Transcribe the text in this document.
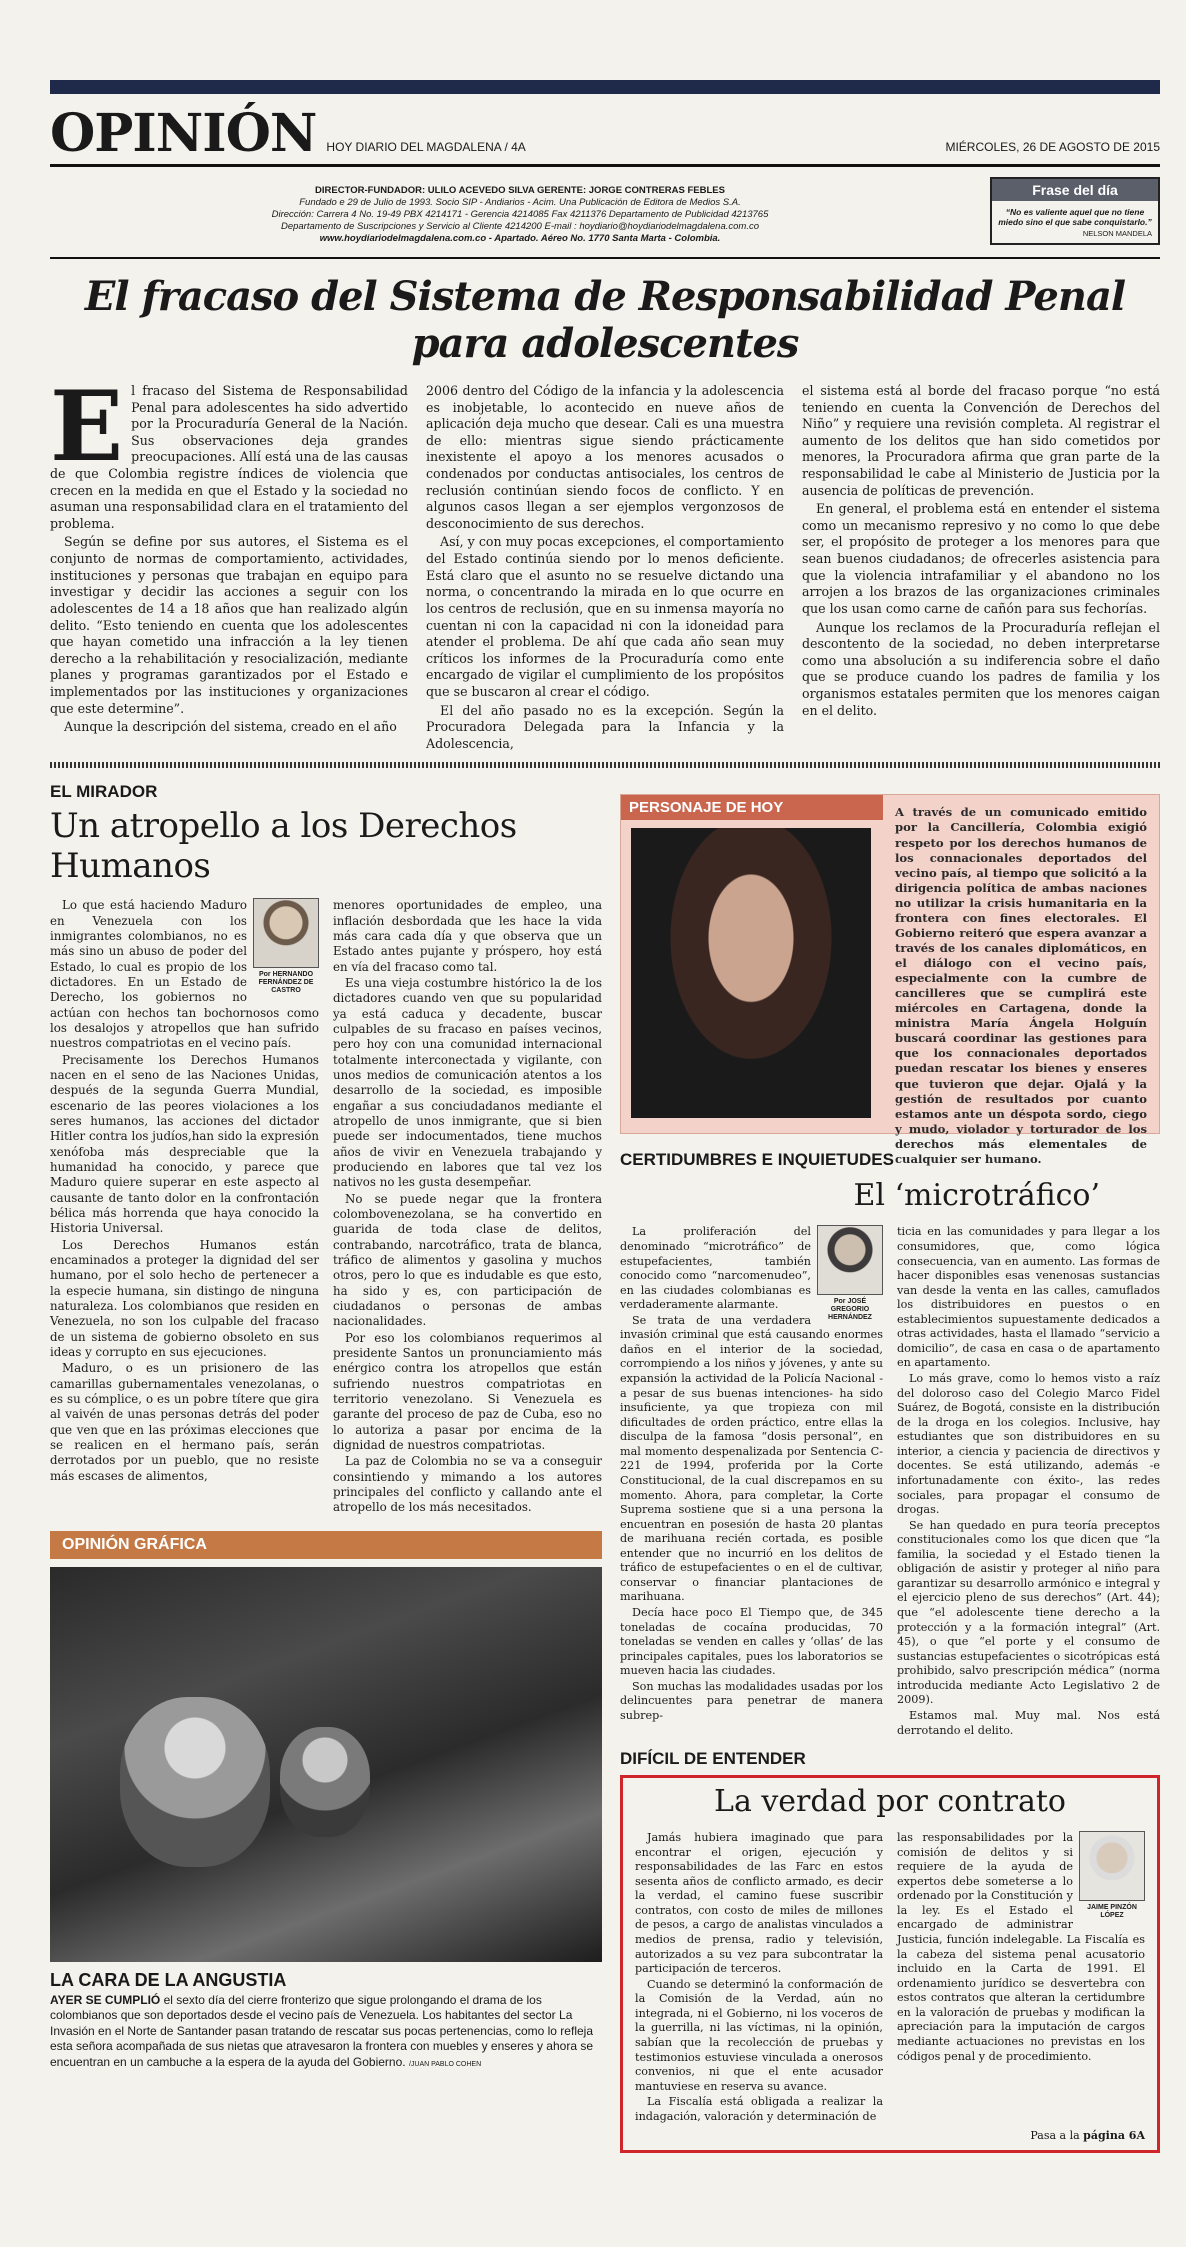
OPINIÓN HOY DIARIO DEL MAGDALENA / 4A	MIÉRCOLES, 26 DE AGOSTO DE 2015
DIRECTOR-FUNDADOR: ULILO ACEVEDO SILVA GERENTE: JORGE CONTRERAS FEBLES
Fundado e 29 de Julio de 1993. Socio SIP - Andiarios - Acim. Una Publicación de Editora de Medios S.A.
Dirección: Carrera 4 No. 19-49 PBX 4214171 - Gerencia 4214085 Fax 4211376 Departamento de Publicidad 4213765
Departamento de Suscripciones y Servicio al Cliente 4214200 E-mail : hoydiario@hoydiariodelmagdalena.com.co
www.hoydiariodelmagdalena.com.co - Apartado. Aéreo No. 1770 Santa Marta - Colombia.
Frase del día
“No es valiente aquel que no tiene miedo sino el que sabe conquistarlo.”
NELSON MANDELA
El fracaso del Sistema de Responsabilidad Penal para adolescentes

El fracaso del Sistema de Responsabilidad Penal para adolescentes ha sido advertido por la Procuraduría General de la Nación. Sus observaciones deja grandes preocupaciones. Allí está una de las causas de que Colombia registre índices de violencia que crecen en la medida en que el Estado y la sociedad no asuman una responsabilidad clara en el tratamiento del problema.

Según se define por sus autores, el Sistema es el conjunto de normas de comportamiento, actividades, instituciones y personas que trabajan en equipo para investigar y decidir las acciones a seguir con los adolescentes de 14 a 18 años que han realizado algún delito. “Esto teniendo en cuenta que los adolescentes que hayan cometido una infracción a la ley tienen derecho a la rehabilitación y resocialización, mediante planes y programas garantizados por el Estado e implementados por las instituciones y organizaciones que este determine”.

Aunque la descripción del sistema, creado en el año

2006 dentro del Código de la infancia y la adolescencia es inobjetable, lo acontecido en nueve años de aplicación deja mucho que desear. Cali es una muestra de ello: mientras sigue siendo prácticamente inexistente el apoyo a los menores acusados o condenados por conductas antisociales, los centros de reclusión continúan siendo focos de conflicto. Y en algunos casos llegan a ser ejemplos vergonzosos de desconocimiento de sus derechos.

Así, y con muy pocas excepciones, el comportamiento del Estado continúa siendo por lo menos deficiente. Está claro que el asunto no se resuelve dictando una norma, o concentrando la mirada en lo que ocurre en los centros de reclusión, que en su inmensa mayoría no cuentan ni con la capacidad ni con la idoneidad para atender el problema. De ahí que cada año sean muy críticos los informes de la Procuraduría como ente encargado de vigilar el cumplimiento de los propósitos que se buscaron al crear el código.

El del año pasado no es la excepción. Según la Procuradora Delegada para la Infancia y la Adolescencia,

el sistema está al borde del fracaso porque “no está teniendo en cuenta la Convención de Derechos del Niño” y requiere una revisión completa. Al registrar el aumento de los delitos que han sido cometidos por menores, la Procuradora afirma que gran parte de la responsabilidad le cabe al Ministerio de Justicia por la ausencia de políticas de prevención.

En general, el problema está en entender el sistema como un mecanismo represivo y no como lo que debe ser, el propósito de proteger a los menores para que sean buenos ciudadanos; de ofrecerles asistencia para que la violencia intrafamiliar y el abandono no los arrojen a los brazos de las organizaciones criminales que los usan como carne de cañón para sus fechorías.

Aunque los reclamos de la Procuraduría reflejan el descontento de la sociedad, no deben interpretarse como una absolución a su indiferencia sobre el daño que se produce cuando los padres de familia y los organismos estatales permiten que los menores caigan en el delito.

EL MIRADOR
Un atropello a los Derechos Humanos
Por HERNANDO FERNÁNDEZ DE CASTRO

Lo que está haciendo Maduro en Venezuela con los inmigrantes colombianos, no es más sino un abuso de poder del Estado, lo cual es propio de los dictadores. En un Estado de Derecho, los gobiernos no actúan con hechos tan bochornosos como los desalojos y atropellos que han sufrido nuestros compatriotas en el vecino país.

Precisamente los Derechos Humanos nacen en el seno de las Naciones Unidas, después de la segunda Guerra Mundial, escenario de las peores violaciones a los seres humanos, las acciones del dictador Hitler contra los judíos,han sido la expresión xenófoba más despreciable que la humanidad ha conocido, y parece que Maduro quiere superar en este aspecto al causante de tanto dolor en la confrontación bélica más horrenda que haya conocido la Historia Universal.

Los Derechos Humanos están encaminados a proteger la dignidad del ser humano, por el solo hecho de pertenecer a la especie humana, sin distingo de ninguna naturaleza. Los colombianos que residen en Venezuela, no son los culpable del fracaso de un sistema de gobierno obsoleto en sus ideas y corrupto en sus ejecuciones.

Maduro, o es un prisionero de las camarillas gubernamentales venezolanas, o es su cómplice, o es un pobre títere que gira al vaivén de unas personas detrás del poder que ven que en las próximas elecciones que se realicen en el hermano país, serán derrotados por un pueblo, que no resiste más escases de alimentos,

menores oportunidades de empleo, una inflación desbordada que les hace la vida más cara cada día y que observa que un Estado antes pujante y próspero, hoy está en vía del fracaso como tal.

Es una vieja costumbre histórico la de los dictadores cuando ven que su popularidad ya está caduca y decadente, buscar culpables de su fracaso en países vecinos, pero hoy con una comunidad internacional totalmente interconectada y vigilante, con unos medios de comunicación atentos a los desarrollo de la sociedad, es imposible engañar a sus conciudadanos mediante el atropello de unos inmigrante, que si bien puede ser indocumentados, tiene muchos años de vivir en Venezuela trabajando y produciendo en labores que tal vez los nativos no les gusta desempeñar.

No se puede negar que la frontera colombovenezolana, se ha convertido en guarida de toda clase de delitos, contrabando, narcotráfico, trata de blanca, tráfico de alimentos y gasolina y muchos otros, pero lo que es indudable es que esto, ha sido y es, con participación de ciudadanos o personas de ambas nacionalidades.

Por eso los colombianos requerimos al presidente Santos un pronunciamiento más enérgico contra los atropellos que están sufriendo nuestros compatriotas en territorio venezolano. Si Venezuela es garante del proceso de paz de Cuba, eso no lo autoriza a pasar por encima de la dignidad de nuestros compatriotas.

La paz de Colombia no se va a conseguir consintiendo y mimando a los autores principales del conflicto y callando ante el atropello de los más necesitados.

OPINIÓN GRÁFICA
LA CARA DE LA ANGUSTIA
AYER SE CUMPLIÓ el sexto día del cierre fronterizo que sigue prolongando el drama de los colombianos que son deportados desde el vecino país de Venezuela. Los habitantes del sector La Invasión en el Norte de Santander pasan tratando de rescatar sus pocas pertenencias, como lo refleja esta señora acompañada de sus nietas que atravesaron la frontera con muebles y enseres y ahora se encuentran en un cambuche a la espera de la ayuda del Gobierno. /JUAN PABLO COHEN
PERSONAJE DE HOY	A través de un comunicado emitido por la Cancillería, Colombia exigió respeto por los derechos humanos de los connacionales deportados del vecino país, al tiempo que solicitó a la dirigencia política de ambas naciones no utilizar la crisis humanitaria en la frontera con fines electorales. El Gobierno reiteró que espera avanzar a través de los canales diplomáticos, en el diálogo con el vecino país, especialmente con la cumbre de cancilleres que se cumplirá este miércoles en Cartagena, donde la ministra María Ángela Holguín buscará coordinar las gestiones para que los connacionales deportados puedan rescatar los bienes y enseres que tuvieron que dejar. Ojalá y la gestión de resultados por cuanto estamos ante un déspota sordo, ciego y mudo, violador y torturador de los derechos más elementales de cualquier ser humano.
CERTIDUMBRES E INQUIETUDES
El ‘microtráfico’
Por JOSÉ GREGORIO HERNÁNDEZ

La proliferación del denominado “microtráfico” de estupefacientes, también conocido como “narcomenudeo”, en las ciudades colombianas es verdaderamente alarmante.

Se trata de una verdadera invasión criminal que está causando enormes daños en el interior de la sociedad, corrompiendo a los niños y jóvenes, y ante su expansión la actividad de la Policía Nacional -a pesar de sus buenas intenciones- ha sido insuficiente, ya que tropieza con mil dificultades de orden práctico, entre ellas la disculpa de la famosa “dosis personal”, en mal momento despenalizada por Sentencia C-221 de 1994, proferida por la Corte Constitucional, de la cual discrepamos en su momento. Ahora, para completar, la Corte Suprema sostiene que si a una persona la encuentran en posesión de hasta 20 plantas de marihuana recién cortada, es posible entender que no incurrió en los delitos de tráfico de estupefacientes o en el de cultivar, conservar o financiar plantaciones de marihuana.

Decía hace poco El Tiempo que, de 345 toneladas de cocaína producidas, 70 toneladas se venden en calles y ‘ollas’ de las principales capitales, pues los laboratorios se mueven hacia las ciudades.

Son muchas las modalidades usadas por los delincuentes para penetrar de manera subrep-

ticia en las comunidades y para llegar a los consumidores, que, como lógica consecuencia, van en aumento. Las formas de hacer disponibles esas venenosas sustancias van desde la venta en las calles, camuflados los distribuidores en puestos o en establecimientos supuestamente dedicados a otras actividades, hasta el llamado “servicio a domicilio”, de casa en casa o de apartamento en apartamento.

Lo más grave, como lo hemos visto a raíz del doloroso caso del Colegio Marco Fidel Suárez, de Bogotá, consiste en la distribución de la droga en los colegios. Inclusive, hay estudiantes que son distribuidores en su interior, a ciencia y paciencia de directivos y docentes. Se está utilizando, además -e infortunadamente con éxito-, las redes sociales, para propagar el consumo de drogas.

Se han quedado en pura teoría preceptos constitucionales como los que dicen que “la familia, la sociedad y el Estado tienen la obligación de asistir y proteger al niño para garantizar su desarrollo armónico e integral y el ejercicio pleno de sus derechos” (Art. 44); que “el adolescente tiene derecho a la protección y a la formación integral” (Art. 45), o que “el porte y el consumo de sustancias estupefacientes o sicotrópicas está prohibido, salvo prescripción médica” (norma introducida mediante Acto Legislativo 2 de 2009).

Estamos mal. Muy mal. Nos está derrotando el delito.

DIFÍCIL DE ENTENDER
La verdad por contrato

Jamás hubiera imaginado que para encontrar el origen, ejecución y responsabilidades de las Farc en estos sesenta años de conflicto armado, es decir la verdad, el camino fuese suscribir contratos, con costo de miles de millones de pesos, a cargo de analistas vinculados a medios de prensa, radio y televisión, autorizados a su vez para subcontratar la participación de terceros.

Cuando se determinó la conformación de la Comisión de la Verdad, aún no integrada, ni el Gobierno, ni los voceros de la guerrilla, ni las víctimas, ni la opinión, sabían que la recolección de pruebas y testimonios estuviese vinculada a onerosos convenios, ni que el ente acusador mantuviese en reserva su avance.

La Fiscalía está obligada a realizar la indagación, valoración y determinación de

JAIME PINZÓN LÓPEZ

las responsabilidades por la comisión de delitos y si requiere de la ayuda de expertos debe someterse a lo ordenado por la Constitución y la ley. Es el Estado el encargado de administrar Justicia, función indelegable. La Fiscalía es la cabeza del sistema penal acusatorio incluido en la Carta de 1991. El ordenamiento jurídico se desvertebra con estos contratos que alteran la certidumbre en la valoración de pruebas y modifican la apreciación para la imputación de cargos mediante actuaciones no previstas en los códigos penal y de procedimiento.

Pasa a la página 6A
